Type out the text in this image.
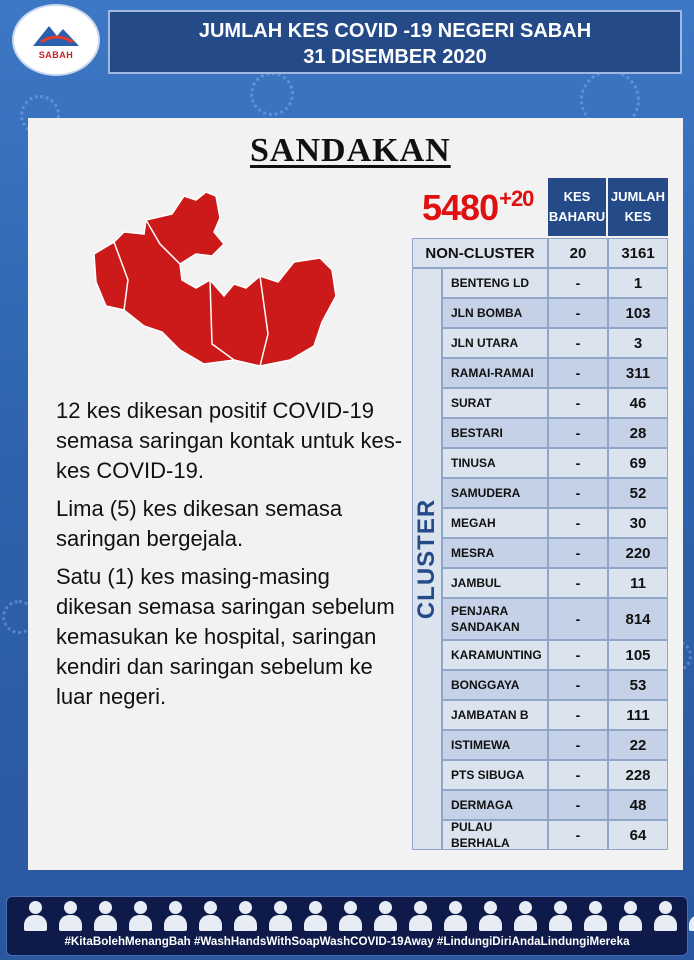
SABAH
JUMLAH KES COVID -19 NEGERI SABAH
31 DISEMBER 2020
SANDAKAN
$5480^{+20}$

12 kes dikesan positif COVID-19 semasa saringan kontak untuk kes-kes COVID-19.

Lima (5) kes dikesan semasa saringan bergejala.

Satu (1) kes masing-masing dikesan semasa saringan sebelum kemasukan ke hospital, saringan kendiri dan saringan sebelum ke luar negeri.

KES BAHARU
JUMLAH KES
NON-CLUSTER	20	3161
CLUSTER
BENTENG LD	-	1
JLN BOMBA	-	103
JLN UTARA	-	3
RAMAI-RAMAI	-	311
SURAT	-	46
BESTARI	-	28
TINUSA	-	69
SAMUDERA	-	52
MEGAH	-	30
MESRA	-	220
JAMBUL	-	11
PENJARA SANDAKAN	-	814
KARAMUNTING	-	105
BONGGAYA	-	53
JAMBATAN B	-	111
ISTIMEWA	-	22
PTS SIBUGA	-	228
DERMAGA	-	48
PULAU BERHALA	-	64
#KitaBolehMenangBah #WashHandsWithSoapWashCOVID-19Away #LindungiDiriAndaLindungiMereka
